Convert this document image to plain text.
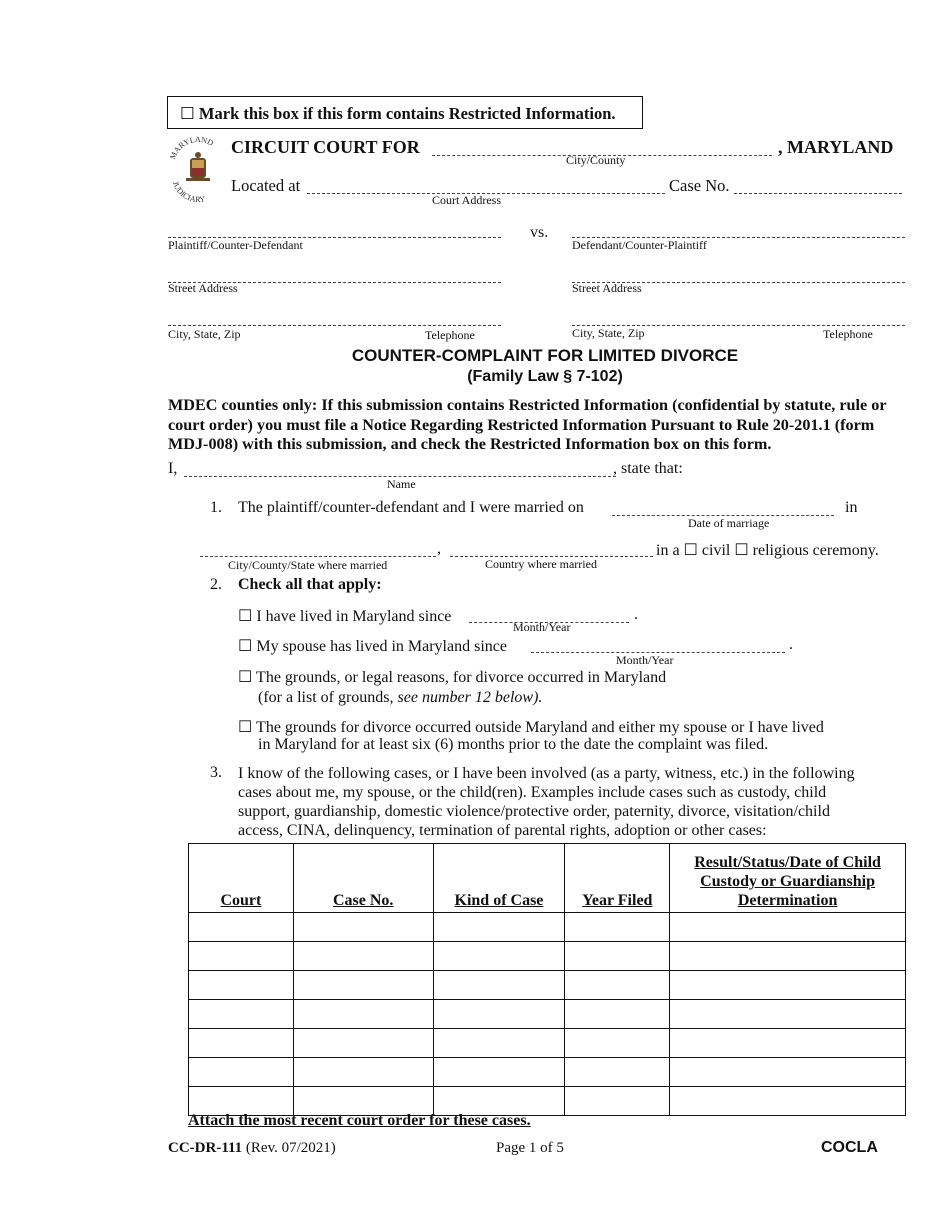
☐ Mark this box if this form contains Restricted Information.
MARYLAND
JUDICIARY
CIRCUIT COURT FOR
City/County
, MARYLAND
Located at
Court Address
Case No.
Plaintiff/Counter-Defendant
vs.
Defendant/Counter-Plaintiff
Street Address	Street Address
City, State, Zip	Telephone	City, State, Zip	Telephone
COUNTER-COMPLAINT FOR LIMITED DIVORCE
(Family Law § 7-102)
MDEC counties only: If this submission contains Restricted Information (confidential by statute, rule or court order) you must file a Notice Regarding Restricted Information Pursuant to Rule 20-201.1 (form MDJ-008) with this submission, and check the Restricted Information box on this form.
I,
Name
, state that:
1. The plaintiff/counter-defendant and I were married on
Date of marriage
in
,	in a ☐ civil ☐ religious ceremony.
City/County/State where married	Country where married
2. Check all that apply:
☐ I have lived in Maryland since
Month/Year
.
☐ My spouse has lived in Maryland since
Month/Year
.
☐ The grounds, or legal reasons, for divorce occurred in Maryland
(for a list of grounds, see number 12 below).
☐ The grounds for divorce occurred outside Maryland and either my spouse or I have lived
in Maryland for at least six (6) months prior to the date the complaint was filed.
3. I know of the following cases, or I have been involved (as a party, witness, etc.) in the following
cases about me, my spouse, or the child(ren). Examples include cases such as custody, child
support, guardianship, domestic violence/protective order, paternity, divorce, visitation/child
access, CINA, delinquency, termination of parental rights, adoption or other cases:
Court	Case No.	Kind of Case	Year Filed	Result/Status/Date of Child Custody or Guardianship Determination

Attach the most recent court order for these cases.
CC-DR-111 (Rev. 07/2021)	Page 1 of 5	COCLA
